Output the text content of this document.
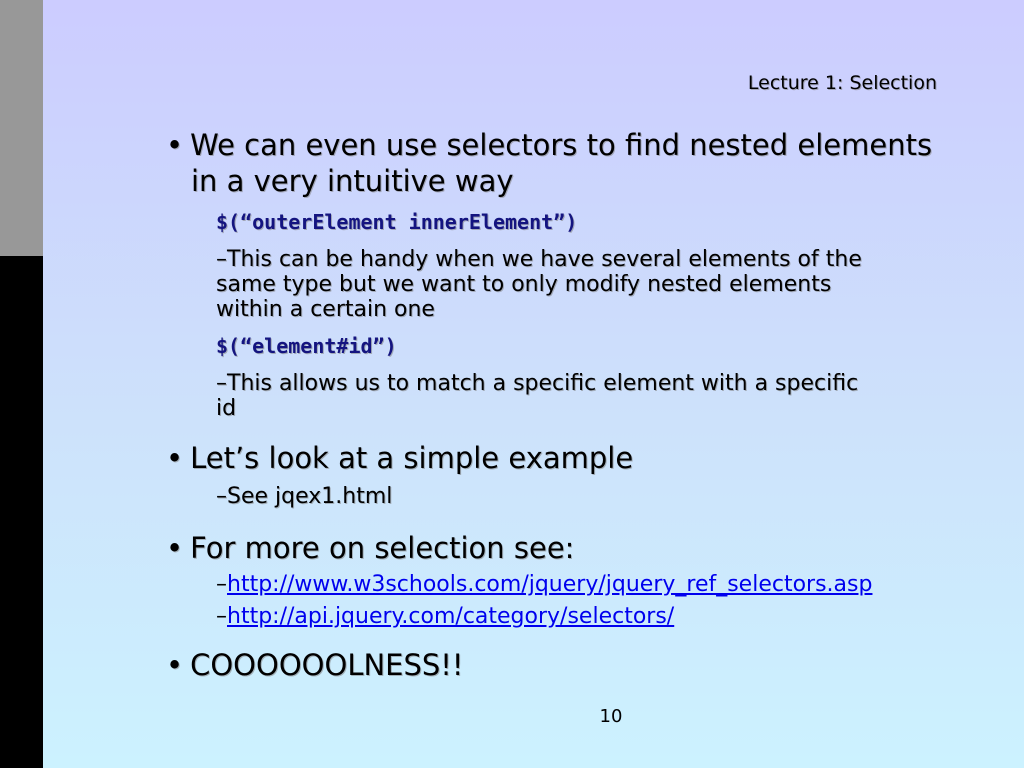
Lecture 1: Selection
• We can even use selectors to find nested elements
in a very intuitive way
$(“outerElement innerElement”)
–This can be handy when we have several elements of the
same type but we want to only modify nested elements
within a certain one
$(“element#id”)
–This allows us to match a specific element with a specific
id
• Let’s look at a simple example
–See jqex1.html
• For more on selection see:
–http://www.w3schools.com/jquery/jquery_ref_selectors.asp
–http://api.jquery.com/category/selectors/
• COOOOOOLNESS!!
10
